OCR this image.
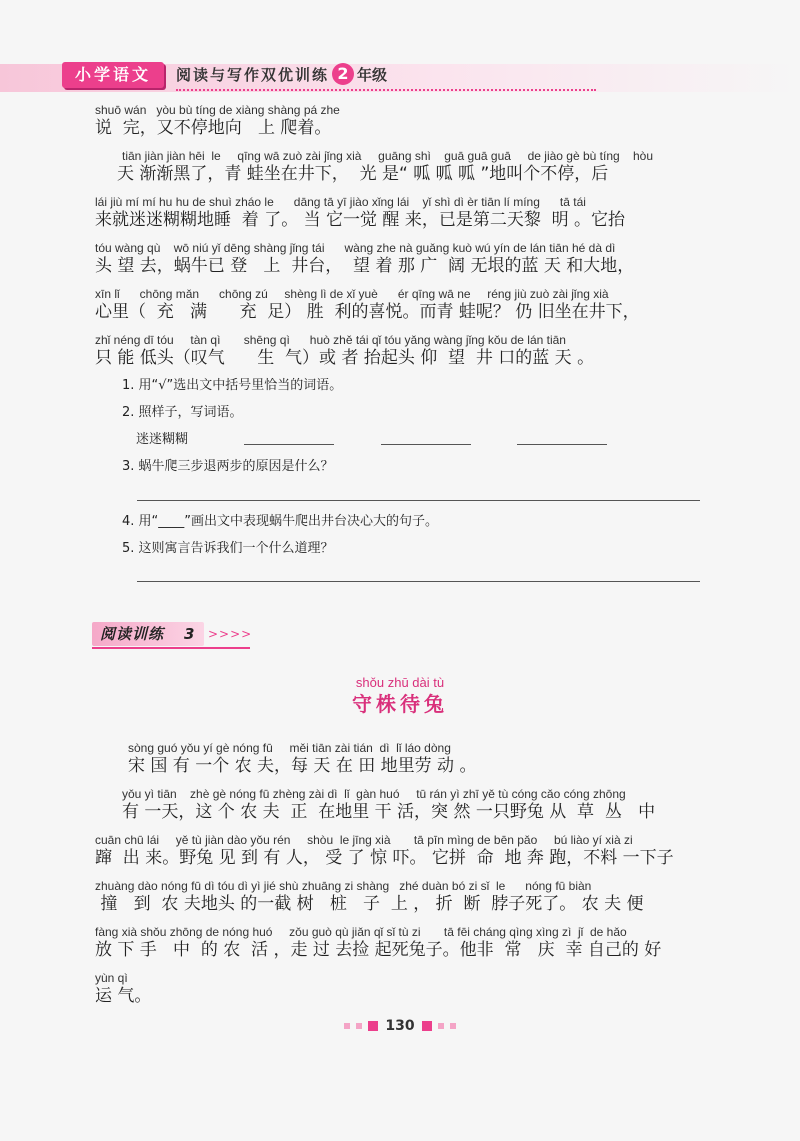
小学语文	阅读与写作双优训练 2 年级
shuō wán   yòu bù tíng de xiàng shàng pá zhe
说  完，又不停地向   上 爬着。
tiān jiàn jiàn hēi  le     qīng wā zuò zài jǐng xià     guāng shì    guā guā guā     de jiào gè bù tíng    hòu
天 渐渐黑了，青 蛙坐在井下，  光 是“ 呱 呱 呱 ”地叫个不停，后
lái jiù mí mí hu hu de shuì zháo le      dāng tā yī jiào xǐng lái    yǐ shì dì èr tiān lí míng      tā tái
来就迷迷糊糊地睡  着 了。 当 它一觉 醒 来，已是第二天黎  明 。它抬
tóu wàng qù    wō niú yǐ dēng shàng jǐng tái      wàng zhe nà guǎng kuò wú yín de lán tiān hé dà dì
头 望 去，蜗牛已 登   上  井台，  望 着 那 广  阔 无垠的蓝 天 和大地，
xīn lǐ      chōng mǎn      chōng zú     shèng lì de xǐ yuè      ér qīng wā ne     réng jiù zuò zài jǐng xià
心里（  充   满      充  足） 胜  利的喜悦。而青 蛙呢？ 仍 旧坐在井下，
zhǐ néng dī tóu     tàn qì       shēng qì      huò zhě tái qǐ tóu yǎng wàng jǐng kǒu de lán tiān
只 能 低头（叹气      生  气）或 者 抬起头 仰  望  井 口的蓝 天 。
1. 用“√”选出文中括号里恰当的词语。
2. 照样子，写词语。
迷迷糊糊
3. 蜗牛爬三步退两步的原因是什么？
4. 用“____”画出文中表现蜗牛爬出井台决心大的句子。
5. 这则寓言告诉我们一个什么道理？
阅读训练 3 >>>>
shǒu zhū dài tù
守株待兔
sòng guó yǒu yí gè nóng fū     měi tiān zài tián  dì  lǐ láo dòng
宋 国 有 一个 农 夫，每 天 在 田 地里劳 动 。
yǒu yì tiān    zhè gè nóng fū zhèng zài dì  lǐ  gàn huó     tū rán yì zhī yě tù cóng cǎo cóng zhōng
有 一天，这 个 农 夫  正  在地里 干 活，突 然 一只野兔 从  草  丛   中
cuān chū lái     yě tù jiàn dào yǒu rén     shòu  le jīng xià       tā pīn mìng de bēn pǎo     bú liào yí xià zi
蹿  出 来。野兔 见 到 有 人， 受 了 惊 吓。 它拼  命  地 奔 跑，不料 一下子
zhuàng dào nóng fū dì tóu dì yì jié shù zhuāng zi shàng   zhé duàn bó zi sǐ  le      nóng fū biàn
撞   到  农 夫地头 的一截 树   桩   子  上 ， 折  断  脖子死了。 农 夫 便
fàng xià shǒu zhōng de nóng huó     zǒu guò qù jiǎn qǐ sǐ tù zi       tā fēi cháng qìng xìng zì  jǐ  de hǎo
放 下 手   中  的 农  活 ，走 过 去捡 起死兔子。他非  常   庆  幸 自己的 好
yùn qì
运 气。
130
